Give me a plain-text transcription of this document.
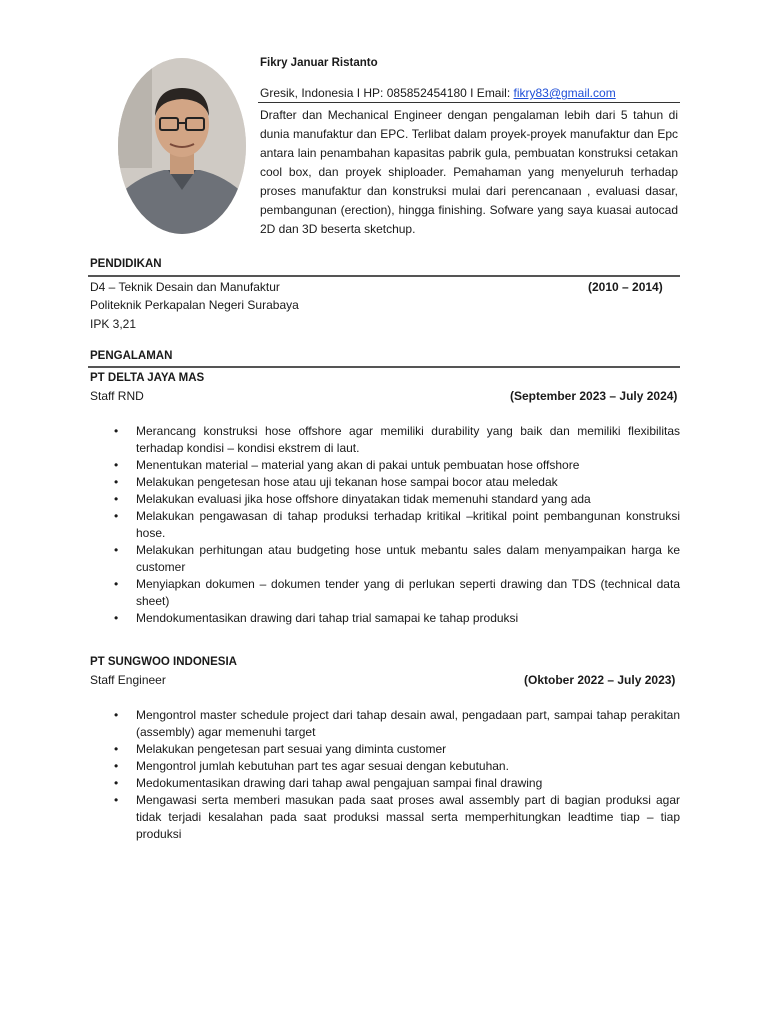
Fikry Januar Ristanto
Gresik, Indonesia I HP: 085852454180 I Email: fikry83@gmail.com
Drafter dan Mechanical Engineer dengan pengalaman lebih dari 5 tahun di dunia manufaktur dan EPC. Terlibat dalam proyek-proyek manufaktur dan Epc antara lain penambahan kapasitas pabrik gula, pembuatan konstruksi cetakan cool box, dan proyek shiploader. Pemahaman yang menyeluruh terhadap proses manufaktur dan konstruksi mulai dari perencanaan , evaluasi dasar, pembangunan (erection), hingga finishing. Sofware yang saya kuasai autocad 2D dan 3D beserta sketchup.
PENDIDIKAN
D4 – Teknik Desain dan Manufaktur	(2010 – 2014)
Politeknik Perkapalan Negeri Surabaya
IPK 3,21
PENGALAMAN
PT DELTA JAYA MAS
Staff RND	(September 2023 – July 2024)
• Merancang konstruksi hose offshore agar memiliki durability yang baik dan memiliki flexibilitas terhadap kondisi – kondisi ekstrem di laut.
• Menentukan material – material yang akan di pakai untuk pembuatan hose offshore
• Melakukan pengetesan hose atau uji tekanan hose sampai bocor atau meledak
• Melakukan evaluasi jika hose offshore dinyatakan tidak memenuhi standard yang ada
• Melakukan pengawasan di tahap produksi terhadap kritikal –kritikal point pembangunan konstruksi hose.
• Melakukan perhitungan atau budgeting hose untuk mebantu sales dalam menyampaikan harga ke customer
• Menyiapkan dokumen – dokumen tender yang di perlukan seperti drawing dan TDS (technical data sheet)
• Mendokumentasikan drawing dari tahap trial samapai ke tahap produksi
PT SUNGWOO INDONESIA
Staff Engineer	(Oktober 2022 – July 2023)
• Mengontrol master schedule project dari tahap desain awal, pengadaan part, sampai tahap perakitan (assembly) agar memenuhi target
• Melakukan pengetesan part sesuai yang diminta customer
• Mengontrol jumlah kebutuhan part tes agar sesuai dengan kebutuhan.
• Medokumentasikan drawing dari tahap awal pengajuan sampai final drawing
• Mengawasi serta memberi masukan pada saat proses awal assembly part di bagian produksi agar tidak terjadi kesalahan pada saat produksi massal serta memperhitungkan leadtime tiap – tiap produksi
